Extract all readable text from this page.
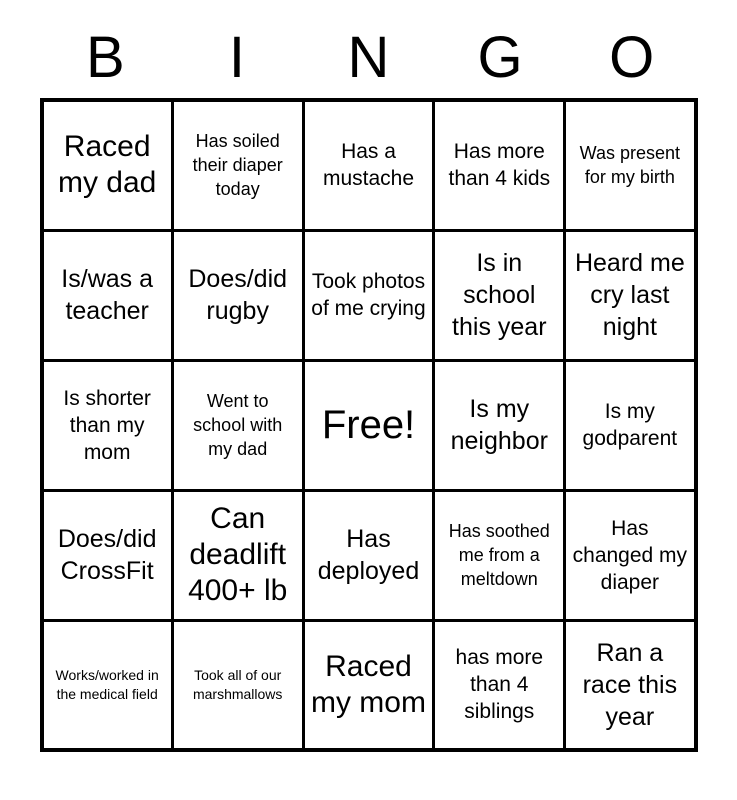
B	I	N	G	O
Raced my dad	Has soiled their diaper today	Has a mustache	Has more than 4 kids	Was present for my birth
Is/was a teacher	Does/did rugby	Took photos of me crying	Is in school this year	Heard me cry last night
Is shorter than my mom	Went to school with my dad	Free!	Is my neighbor	Is my godparent
Does/did CrossFit	Can deadlift 400+ lb	Has deployed	Has soothed me from a meltdown	Has changed my diaper
Works/worked in the medical field	Took all of our marshmallows	Raced my mom	has more than 4 siblings	Ran a race this year
